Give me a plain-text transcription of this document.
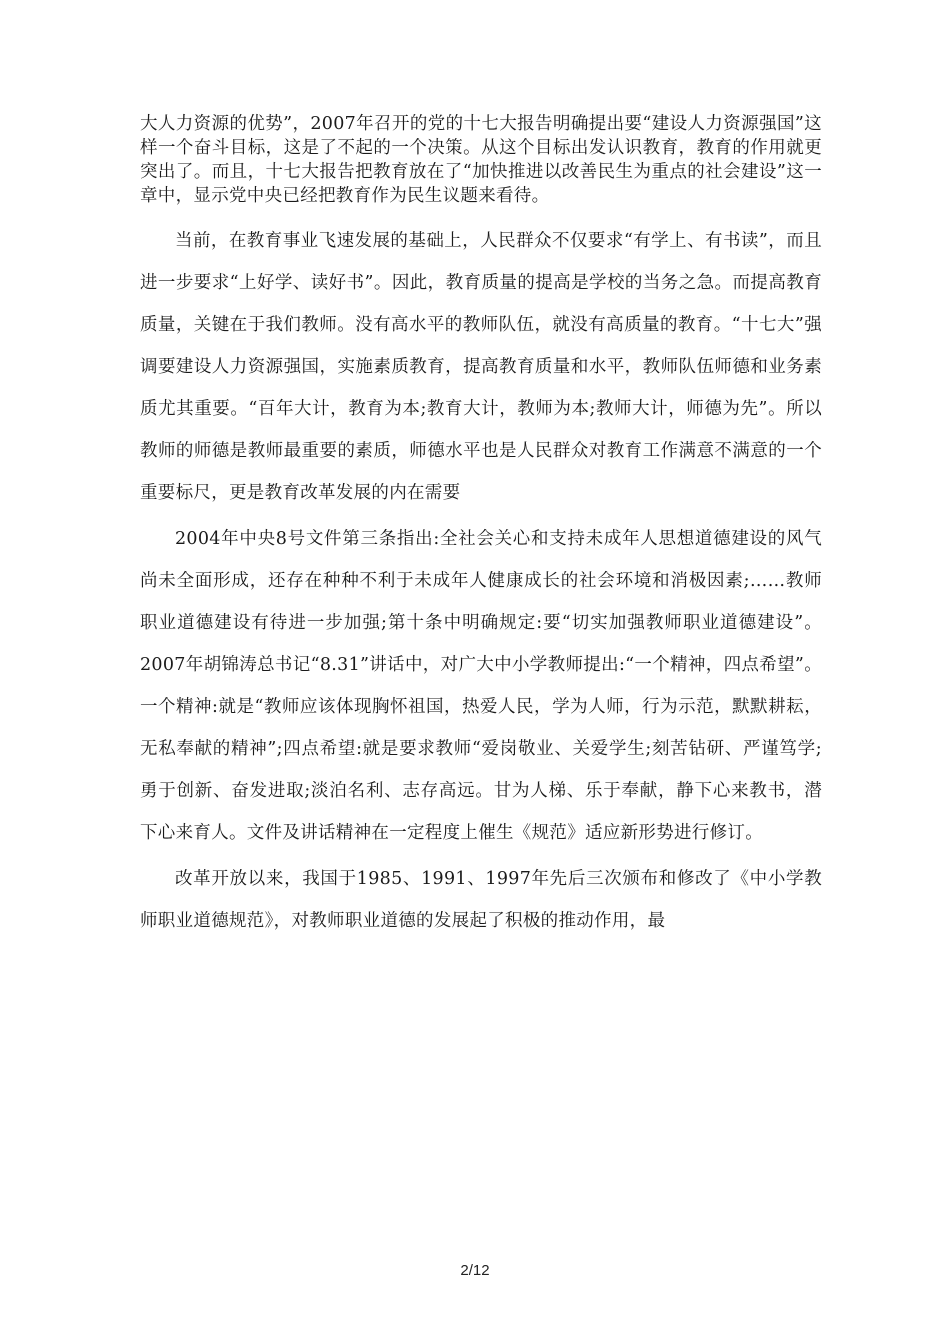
大人力资源的优势”，2007年召开的党的十七大报告明确提出要“建设人力资源强国”这样一个奋斗目标，这是了不起的一个决策。从这个目标出发认识教育，教育的作用就更突出了。而且，十七大报告把教育放在了“加快推进以改善民生为重点的社会建设”这一章中，显示党中央已经把教育作为民生议题来看待。

当前，在教育事业飞速发展的基础上，人民群众不仅要求“有学上、有书读”，而且进一步要求“上好学、读好书”。因此，教育质量的提高是学校的当务之急。而提高教育质量，关键在于我们教师。没有高水平的教师队伍，就没有高质量的教育。“十七大”强调要建设人力资源强国，实施素质教育，提高教育质量和水平，教师队伍师德和业务素质尤其重要。“百年大计，教育为本;教育大计，教师为本;教师大计，师德为先”。所以教师的师德是教师最重要的素质，师德水平也是人民群众对教育工作满意不满意的一个重要标尺，更是教育改革发展的内在需要

2004年中央8号文件第三条指出:全社会关心和支持未成年人思想道德建设的风气尚未全面形成，还存在种种不利于未成年人健康成长的社会环境和消极因素;……教师职业道德建设有待进一步加强;第十条中明确规定:要“切实加强教师职业道德建设”。2007年胡锦涛总书记“8.31”讲话中，对广大中小学教师提出:“一个精神，四点希望”。一个精神:就是“教师应该体现胸怀祖国，热爱人民，学为人师，行为示范，默默耕耘，无私奉献的精神”;四点希望:就是要求教师“爱岗敬业、关爱学生;刻苦钻研、严谨笃学;勇于创新、奋发进取;淡泊名利、志存高远。甘为人梯、乐于奉献，静下心来教书，潜下心来育人。文件及讲话精神在一定程度上催生《规范》适应新形势进行修订。

改革开放以来，我国于1985、1991、1997年先后三次颁布和修改了《中小学教师职业道德规范》，对教师职业道德的发展起了积极的推动作用，最

2/12
